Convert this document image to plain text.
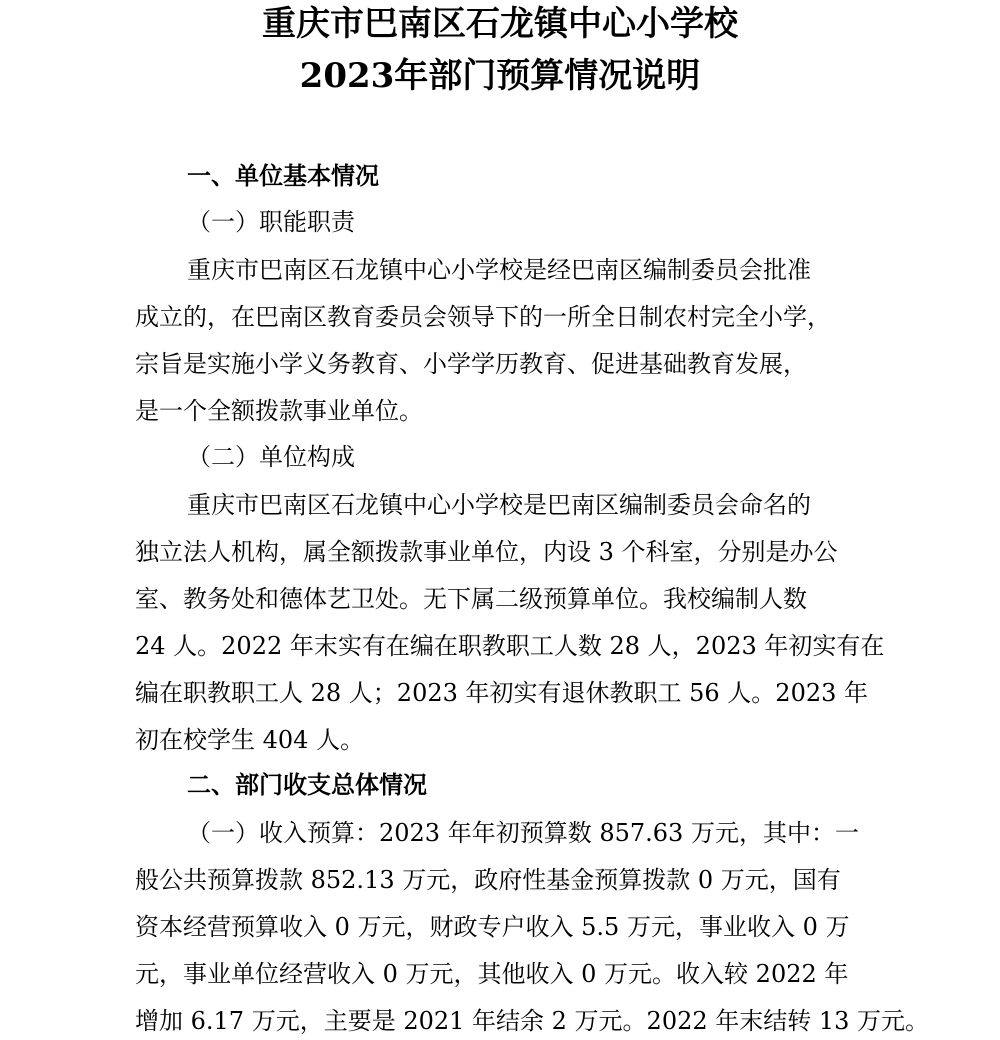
重庆市巴南区石龙镇中心小学校
2023年部门预算情况说明
一、单位基本情况
（一）职能职责
重庆市巴南区石龙镇中心小学校是经巴南区编制委员会批准
成立的，在巴南区教育委员会领导下的一所全日制农村完全小学，
宗旨是实施小学义务教育、小学学历教育、促进基础教育发展，
是一个全额拨款事业单位。
（二）单位构成
重庆市巴南区石龙镇中心小学校是巴南区编制委员会命名的
独立法人机构，属全额拨款事业单位，内设 3 个科室，分别是办公
室、教务处和德体艺卫处。无下属二级预算单位。我校编制人数
24 人。2022 年末实有在编在职教职工人数 28 人，2023 年初实有在
编在职教职工人 28 人；2023 年初实有退休教职工 56 人。2023 年
初在校学生 404 人。
二、部门收支总体情况
（一）收入预算：2023 年年初预算数 857.63 万元，其中：一
般公共预算拨款 852.13 万元，政府性基金预算拨款 0 万元，国有
资本经营预算收入 0 万元，财政专户收入 5.5 万元，事业收入 0 万
元，事业单位经营收入 0 万元，其他收入 0 万元。收入较 2022 年
增加 6.17 万元，主要是 2021 年结余 2 万元。2022 年末结转 13 万元。
